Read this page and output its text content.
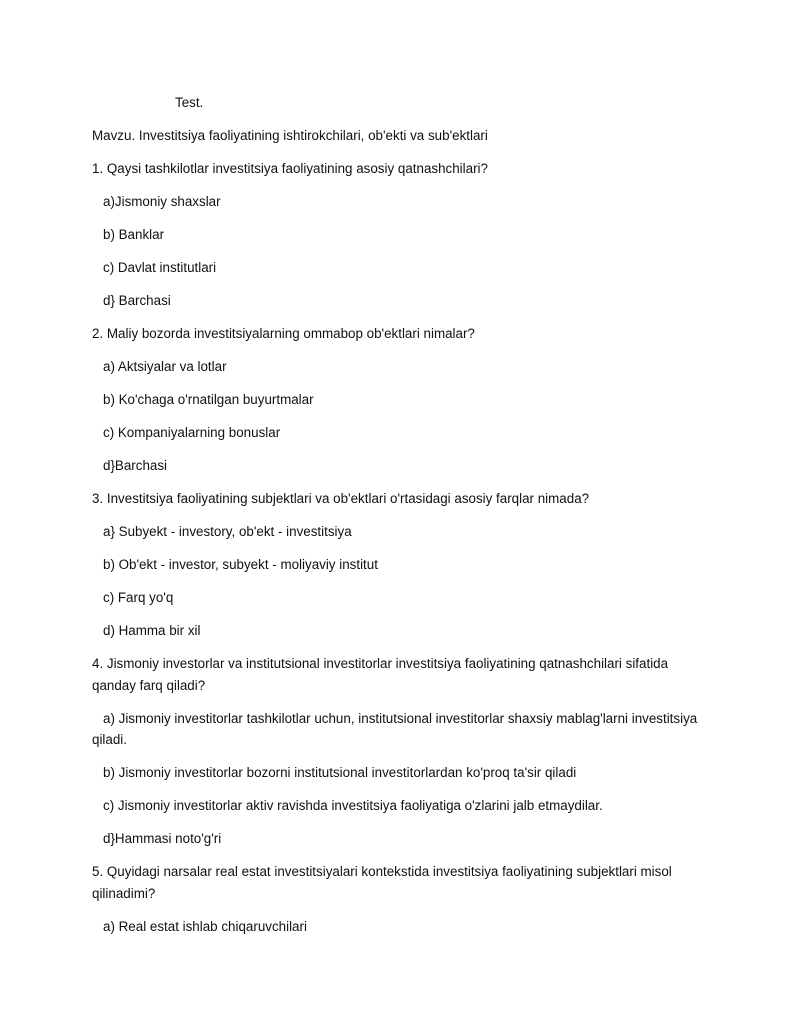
Test.
Mavzu. Investitsiya faoliyatining ishtirokchilari, ob'ekti va sub'ektlari
1. Qaysi tashkilotlar investitsiya faoliyatining asosiy qatnashchilari?
a)Jismoniy shaxslar
b) Banklar
c) Davlat institutlari
d} Barchasi
2. Maliy bozorda investitsiyalarning ommabop ob'ektlari nimalar?
a) Aktsiyalar va lotlar
b) Ko'chaga o'rnatilgan buyurtmalar
c) Kompaniyalarning bonuslar
d}Barchasi
3. Investitsiya faoliyatining subjektlari va ob'ektlari o'rtasidagi asosiy farqlar nimada?
a} Subyekt - investory, ob'ekt - investitsiya
b) Ob'ekt - investor, subyekt - moliyaviy institut
c) Farq yo'q
d) Hamma bir xil
4. Jismoniy investorlar va institutsional investitorlar investitsiya faoliyatining qatnashchilari sifatida qanday farq qiladi?
a) Jismoniy investitorlar tashkilotlar uchun, institutsional investitorlar shaxsiy mablag'larni investitsiya qiladi.
b) Jismoniy investitorlar bozorni institutsional investitorlardan ko'proq ta'sir qiladi
c) Jismoniy investitorlar aktiv ravishda investitsiya faoliyatiga o'zlarini jalb etmaydilar.
d}Hammasi noto'g'ri
5. Quyidagi narsalar real estat investitsiyalari kontekstida investitsiya faoliyatining subjektlari misol qilinadimi?
a) Real estat ishlab chiqaruvchilari
